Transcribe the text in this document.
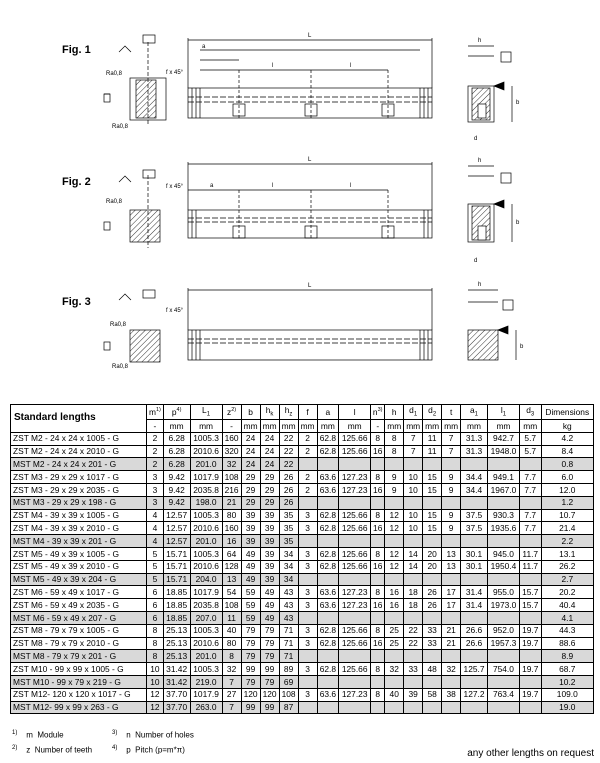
Ra0,8
Ra0,8
f x 45°
L
a
l	l
h
b
d
Ra0,8
f x 45°
L
a	l	l
h
b
d
Ra0,8
Ra0,8
f x 45°
L	h
b
Fig. 1
Fig. 2
Fig. 3
Standard lengths	$m^{1)}$	$p^{4)}$	$L_1$	$z^{2)}$	b	$h_k$	$h_z$	f	a	l	$n^{3)}$	h	$d_1$	$d_2$	t	$a_1$	$l_1$	$d_3$	Dimensions
	-	mm	mm	-	mm	mm	mm	mm	mm	mm	-	mm	mm	mm	mm	mm	mm	mm	kg
ZST M2 - 24 x 24 x 1005 - G	2	6.28	1005.3	160	24	24	22	2	62.8	125.66	8	8	7	11	7	31.3	942.7	5.7	4.2
ZST M2 - 24 x 24 x 2010 - G	2	6.28	2010.6	320	24	24	22	2	62.8	125.66	16	8	7	11	7	31.3	1948.0	5.7	8.4
MST M2 - 24 x 24 x 201 - G	2	6.28	201.0	32	24	24	22												0.8
ZST M3 - 29 x 29 x 1017 - G	3	9.42	1017.9	108	29	29	26	2	63.6	127.23	8	9	10	15	9	34.4	949.1	7.7	6.0
ZST M3 - 29 x 29 x 2035 - G	3	9.42	2035.8	216	29	29	26	2	63.6	127.23	16	9	10	15	9	34.4	1967.0	7.7	12.0
MST M3 - 29 x 29 x 198 - G	3	9.42	198.0	21	29	29	26												1.2
ZST M4 - 39 x 39 x 1005 - G	4	12.57	1005.3	80	39	39	35	3	62.8	125.66	8	12	10	15	9	37.5	930.3	7.7	10.7
ZST M4 - 39 x 39 x 2010 - G	4	12.57	2010.6	160	39	39	35	3	62.8	125.66	16	12	10	15	9	37.5	1935.6	7.7	21.4
MST M4 - 39 x 39 x 201 - G	4	12.57	201.0	16	39	39	35												2.2
ZST M5 - 49 x 39 x 1005 - G	5	15.71	1005.3	64	49	39	34	3	62.8	125.66	8	12	14	20	13	30.1	945.0	11.7	13.1
ZST M5 - 49 x 39 x 2010 - G	5	15.71	2010.6	128	49	39	34	3	62.8	125.66	16	12	14	20	13	30.1	1950.4	11.7	26.2
MST M5 - 49 x 39 x 204 - G	5	15.71	204.0	13	49	39	34												2.7
ZST M6 - 59 x 49 x 1017 - G	6	18.85	1017.9	54	59	49	43	3	63.6	127.23	8	16	18	26	17	31.4	955.0	15.7	20.2
ZST M6 - 59 x 49 x 2035 - G	6	18.85	2035.8	108	59	49	43	3	63.6	127.23	16	16	18	26	17	31.4	1973.0	15.7	40.4
MST M6 - 59 x 49 x 207 - G	6	18.85	207.0	11	59	49	43												4.1
ZST M8 - 79 x 79 x 1005 - G	8	25.13	1005.3	40	79	79	71	3	62.8	125.66	8	25	22	33	21	26.6	952.0	19.7	44.3
ZST M8 - 79 x 79 x 2010 - G	8	25.13	2010.6	80	79	79	71	3	62.8	125.66	16	25	22	33	21	26.6	1957.3	19.7	88.6
MST M8 - 79 x 79 x 201 - G	8	25.13	201.0	8	79	79	71												8.9
ZST M10 - 99 x 99 x 1005 - G	10	31.42	1005.3	32	99	99	89	3	62.8	125.66	8	32	33	48	32	125.7	754.0	19.7	68.7
MST M10 - 99 x 79 x 219 - G	10	31.42	219.0	7	79	79	69												10.2
ZST M12- 120 x 120 x 1017 - G	12	37.70	1017.9	27	120	120	108	3	63.6	127.23	8	40	39	58	38	127.2	763.4	19.7	109.0
MST M12- 99 x 99 x 263 - G	12	37.70	263.0	7	99	99	87												19.0
$^{1)}$ m Module
$^{2)}$ z Number of teeth
$^{3)}$ n Number of holes
$^{4)}$ p Pitch (p=m*π)	any other lengths on request
